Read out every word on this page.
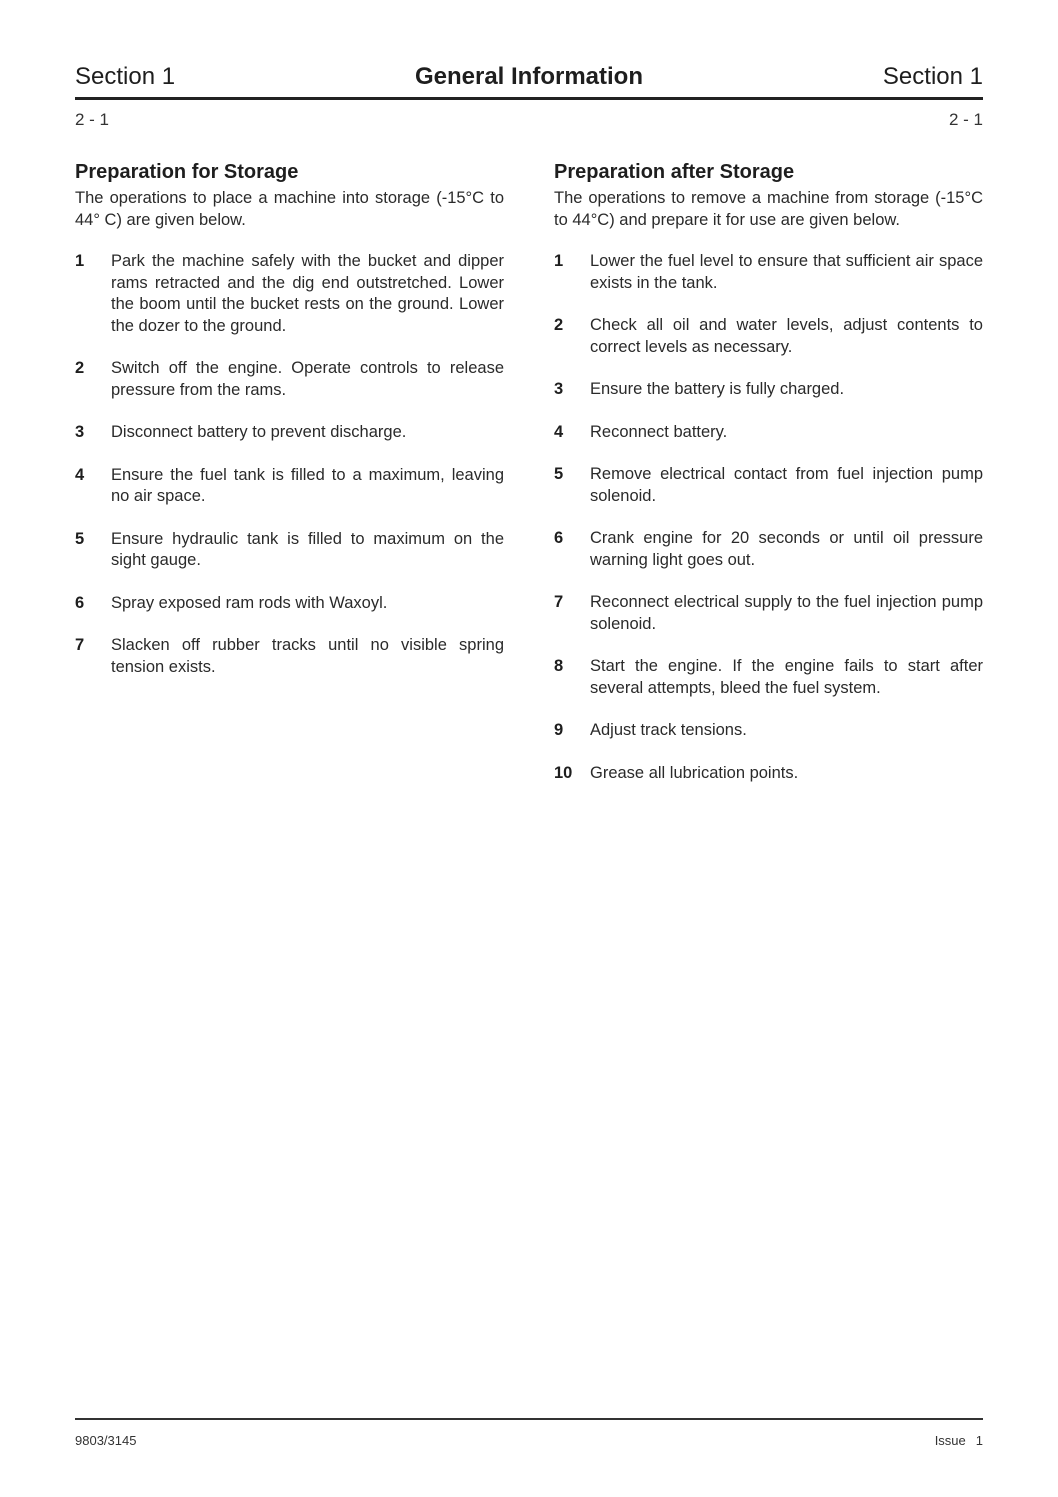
Section 1	General Information	Section 1
2 - 1	2 - 1
Preparation for Storage

The operations to place a machine into storage (-15°C to 44° C) are given below.

1 Park the machine safely with the bucket and dipper rams retracted and the dig end outstretched. Lower the boom until the bucket rests on the ground. Lower the dozer to the ground.
2 Switch off the engine. Operate controls to release pressure from the rams.
3 Disconnect battery to prevent discharge.
4 Ensure the fuel tank is filled to a maximum, leaving no air space.
5 Ensure hydraulic tank is filled to maximum on the sight gauge.
6 Spray exposed ram rods with Waxoyl.
7 Slacken off rubber tracks until no visible spring tension exists.
Preparation after Storage

The operations to remove a machine from storage (-15°C to 44°C) and prepare it for use are given below.

1 Lower the fuel level to ensure that sufficient air space exists in the tank.
2 Check all oil and water levels, adjust contents to correct levels as necessary.
3 Ensure the battery is fully charged.
4 Reconnect battery.
5 Remove electrical contact from fuel injection pump solenoid.
6 Crank engine for 20 seconds or until oil pressure warning light goes out.
7 Reconnect electrical supply to the fuel injection pump solenoid.
8 Start the engine. If the engine fails to start after several attempts, bleed the fuel system.
9 Adjust track tensions.
10 Grease all lubrication points.
9803/3145	Issue 1
